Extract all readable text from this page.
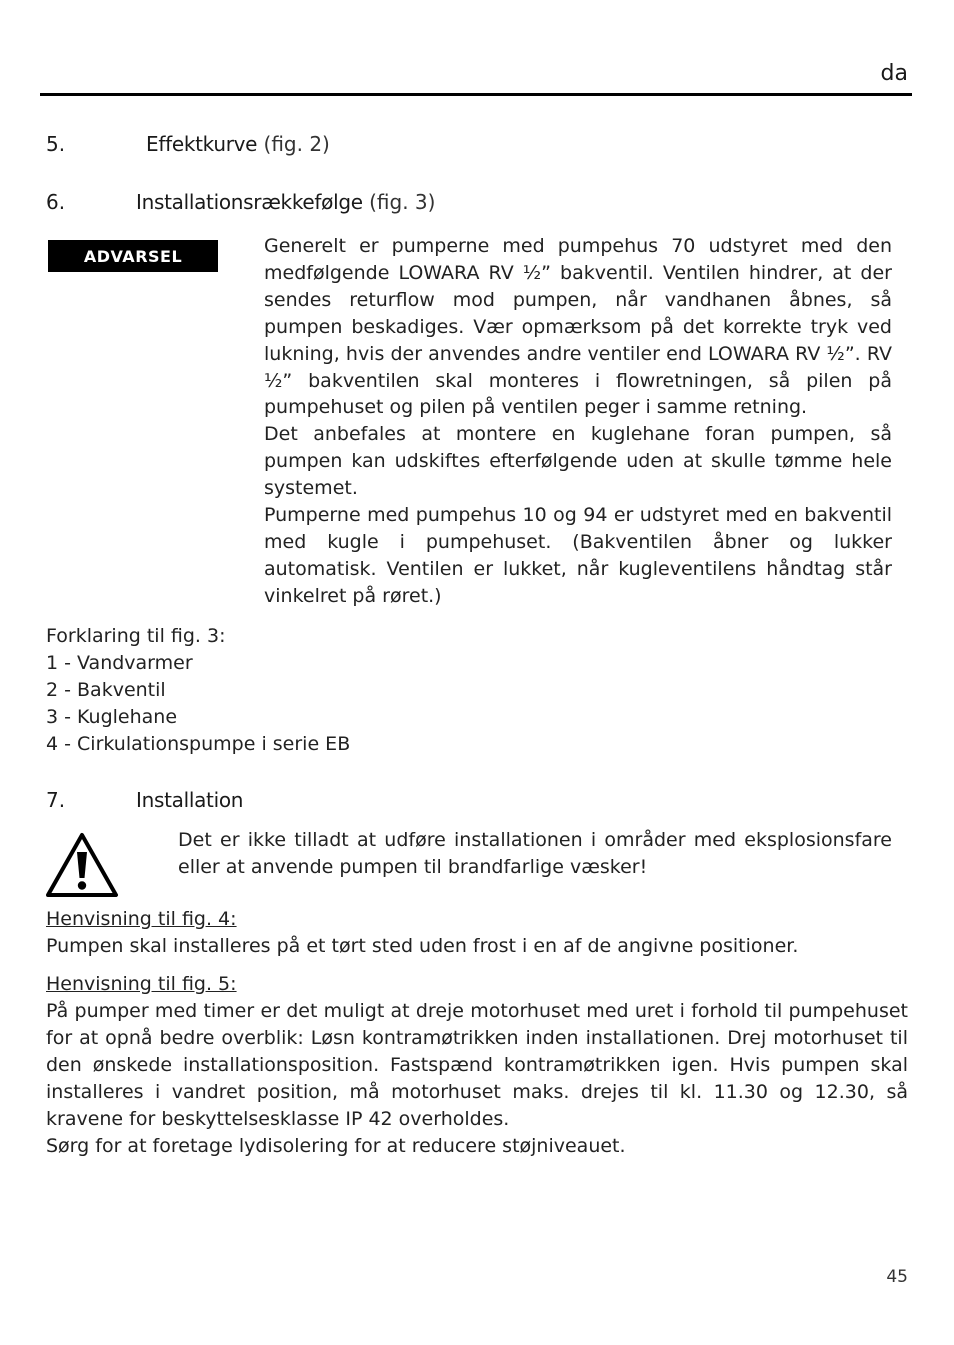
da
5.	Effektkurve (fig. 2)
6.	Installationsrækkefølge (fig. 3)
ADVARSEL	Generelt er pumperne med pumpehus 70 udstyret med den medfølgende LOWARA RV ½” bakventil. Ventilen hindrer, at der sendes returflow mod pumpen, når vandhanen åbnes, så pumpen beskadiges. Vær opmærksom på det korrekte tryk ved lukning, hvis der anvendes andre ventiler end LOWARA RV ½”. RV ½” bakventilen skal monteres i flowretningen, så pilen på pumpehuset og pilen på ventilen peger i samme retning.

Det anbefales at montere en kuglehane foran pumpen, så pumpen kan udskiftes efterfølgende uden at skulle tømme hele systemet.

Pumperne med pumpehus 10 og 94 er udstyret med en bakventil med kugle i pumpehuset. (Bakventilen åbner og lukker automatisk. Ventilen er lukket, når kugleventilens håndtag står vinkelret på røret.)

Forklaring til fig. 3:
1 - Vandvarmer
2 - Bakventil
3 - Kuglehane
4 - Cirkulationspumpe i serie EB
7.	Installation
Det er ikke tilladt at udføre installationen i områder med eksplosionsfare eller at anvende pumpen til brandfarlige væsker!
Henvisning til fig. 4:
Pumpen skal installeres på et tørt sted uden frost i en af de angivne positioner.
Henvisning til fig. 5:

På pumper med timer er det muligt at dreje motorhuset med uret i forhold til pumpehuset for at opnå bedre overblik: Løsn kontramøtrikken inden installationen. Drej motorhuset til den ønskede installationsposition. Fastspænd kontramøtrikken igen. Hvis pumpen skal installeres i vandret position, må motorhuset maks. drejes til kl. 11.30 og 12.30, så kravene for beskyttelsesklasse IP 42 overholdes.

Sørg for at foretage lydisolering for at reducere støjniveauet.

45
